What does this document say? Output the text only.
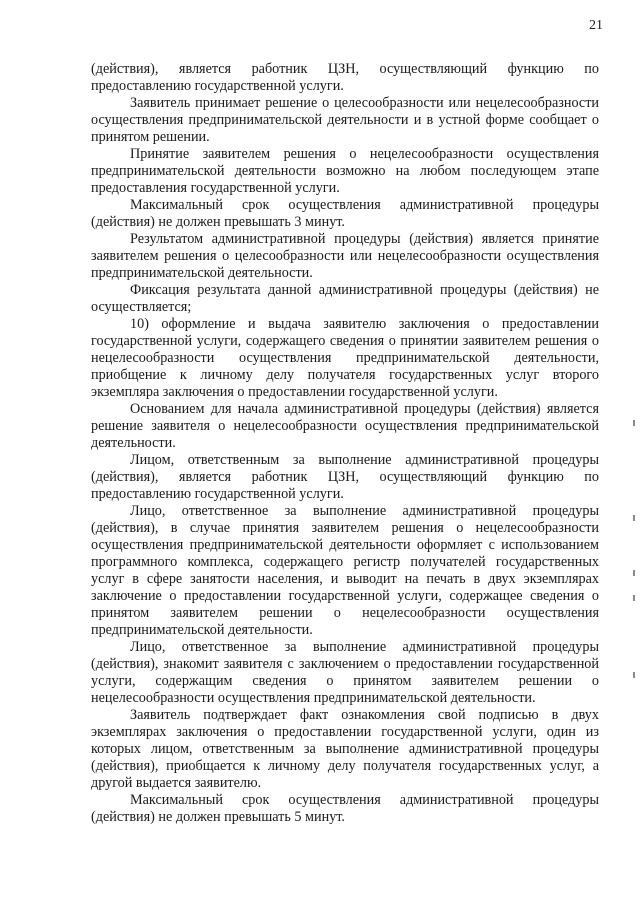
21

(действия), является работник ЦЗН, осуществляющий функцию по предоставлению государственной услуги.

Заявитель принимает решение о целесообразности или нецелесообразности осуществления предпринимательской деятельности и в устной форме сообщает о принятом решении.

Принятие заявителем решения о нецелесообразности осуществления предпринимательской деятельности возможно на любом последующем этапе предоставления государственной услуги.

Максимальный срок осуществления административной процедуры (действия) не должен превышать 3 минут.

Результатом административной процедуры (действия) является принятие заявителем решения о целесообразности или нецелесообразности осуществления предпринимательской деятельности.

Фиксация результата данной административной процедуры (действия) не осуществляется;

10) оформление и выдача заявителю заключения о предоставлении государственной услуги, содержащего сведения о принятии заявителем решения о нецелесообразности осуществления предпринимательской деятельности, приобщение к личному делу получателя государственных услуг второго экземпляра заключения о предоставлении государственной услуги.

Основанием для начала административной процедуры (действия) является решение заявителя о нецелесообразности осуществления предпринимательской деятельности.

Лицом, ответственным за выполнение административной процедуры (действия), является работник ЦЗН, осуществляющий функцию по предоставлению государственной услуги.

Лицо, ответственное за выполнение административной процедуры (действия), в случае принятия заявителем решения о нецелесообразности осуществления предпринимательской деятельности оформляет с использованием программного комплекса, содержащего регистр получателей государственных услуг в сфере занятости населения, и выводит на печать в двух экземплярах заключение о предоставлении государственной услуги, содержащее сведения о принятом заявителем решении о нецелесообразности осуществления предпринимательской деятельности.

Лицо, ответственное за выполнение административной процедуры (действия), знакомит заявителя с заключением о предоставлении государственной услуги, содержащим сведения о принятом заявителем решении о нецелесообразности осуществления предпринимательской деятельности.

Заявитель подтверждает факт ознакомления свой подписью в двух экземплярах заключения о предоставлении государственной услуги, один из которых лицом, ответственным за выполнение административной процедуры (действия), приобщается к личному делу получателя государственных услуг, а другой выдается заявителю.

Максимальный срок осуществления административной процедуры (действия) не должен превышать 5 минут.
